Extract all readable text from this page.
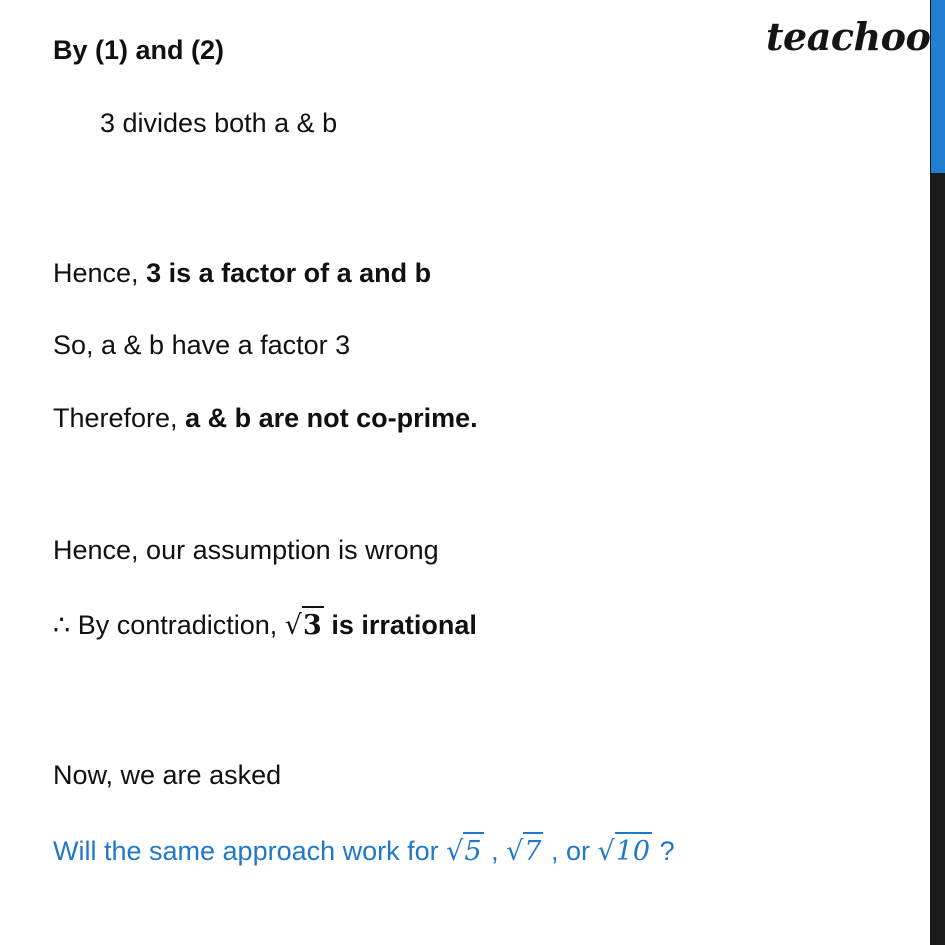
teachoo
By (1) and (2)
3 divides both a & b
Hence, 3 is a factor of a and b
So, a & b have a factor 3
Therefore, a & b are not co-prime.
Hence, our assumption is wrong
∴ By contradiction, √3 is irrational
Now, we are asked
Will the same approach work for √5 , √7 , or √10 ?
